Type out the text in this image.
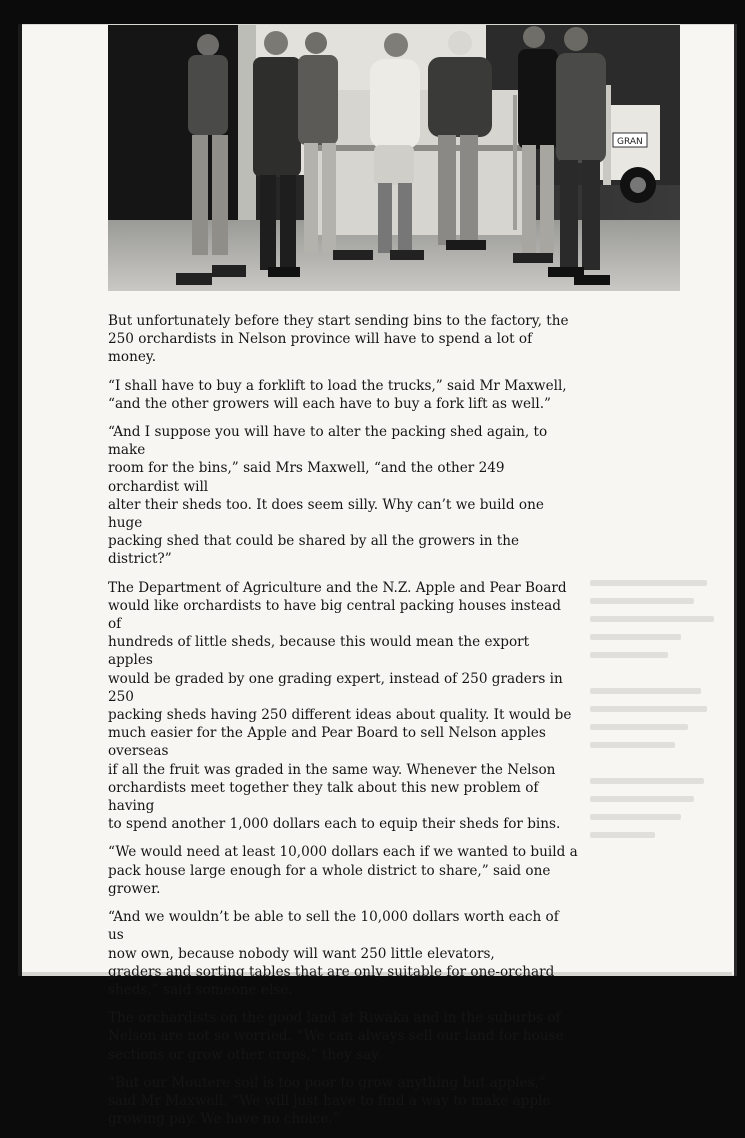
GRAN

But unfortunately before they start sending bins to the factory, the
250 orchardists in Nelson province will have to spend a lot of money.

“I shall have to buy a forklift to load the trucks,” said Mr Maxwell,
“and the other growers will each have to buy a fork lift as well.”

“And I suppose you will have to alter the packing shed again, to make
room for the bins,” said Mrs Maxwell, “and the other 249 orchardist will
alter their sheds too. It does seem silly. Why can’t we build one huge
packing shed that could be shared by all the growers in the district?”

The Department of Agriculture and the N.Z. Apple and Pear Board
would like orchardists to have big central packing houses instead of
hundreds of little sheds, because this would mean the export apples
would be graded by one grading expert, instead of 250 graders in 250
packing sheds having 250 different ideas about quality. It would be
much easier for the Apple and Pear Board to sell Nelson apples overseas
if all the fruit was graded in the same way. Whenever the Nelson
orchardists meet together they talk about this new problem of having
to spend another 1,000 dollars each to equip their sheds for bins.

“We would need at least 10,000 dollars each if we wanted to build a
pack house large enough for a whole district to share,” said one grower.

“And we wouldn’t be able to sell the 10,000 dollars worth each of us
now own, because nobody will want 250 little elevators,
graders and sorting tables that are only suitable for one-orchard
sheds,” said someone else.

The orchardists on the good land at Riwaka and in the suburbs of
Nelson are not so worried. “We can always sell our land for house
sections or grow other crops,” they say.

“But our Moutere soil is too poor to grow anything but apples,”
said Mr Maxwell. “We will just have to find a way to make apple
growing pay. We have no choice.”
